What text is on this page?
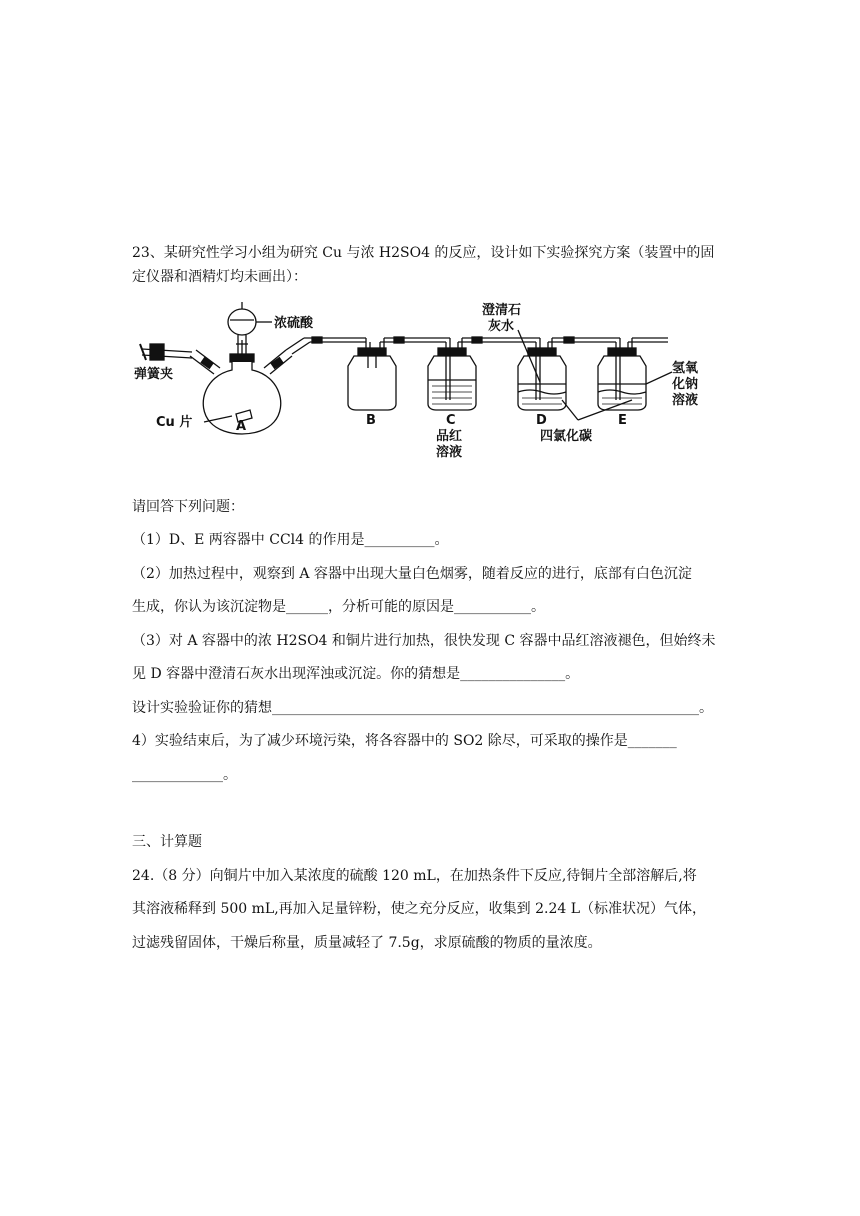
23、某研究性学习小组为研究 Cu 与浓 H2SO4 的反应，设计如下实验探究方案（装置中的固
定仪器和酒精灯均未画出）：
浓硫酸
弹簧夹
Cu 片	A	B	C
品红
溶液
澄清石
灰水
D	E
四氯化碳
氢氧
化钠
溶液
请回答下列问题：
（1）D、E 两容器中 CCl4 的作用是__________。
（2）加热过程中，观察到 A 容器中出现大量白色烟雾，随着反应的进行，底部有白色沉淀
生成，你认为该沉淀物是______，分析可能的原因是___________。
（3）对 A 容器中的浓 H2SO4 和铜片进行加热，很快发现 C 容器中品红溶液褪色，但始终未
见 D 容器中澄清石灰水出现浑浊或沉淀。你的猜想是_______________。
设计实验验证你的猜想_____________________________________________________________。
4）实验结束后，为了减少环境污染，将各容器中的 SO2 除尽，可采取的操作是_______
_____________。
三、计算题
24.（8 分）向铜片中加入某浓度的硫酸 120 mL，在加热条件下反应,待铜片全部溶解后,将
其溶液稀释到 500 mL,再加入足量锌粉，使之充分反应，收集到 2.24 L（标准状况）气体，
过滤残留固体，干燥后称量，质量减轻了 7.5g，求原硫酸的物质的量浓度。
